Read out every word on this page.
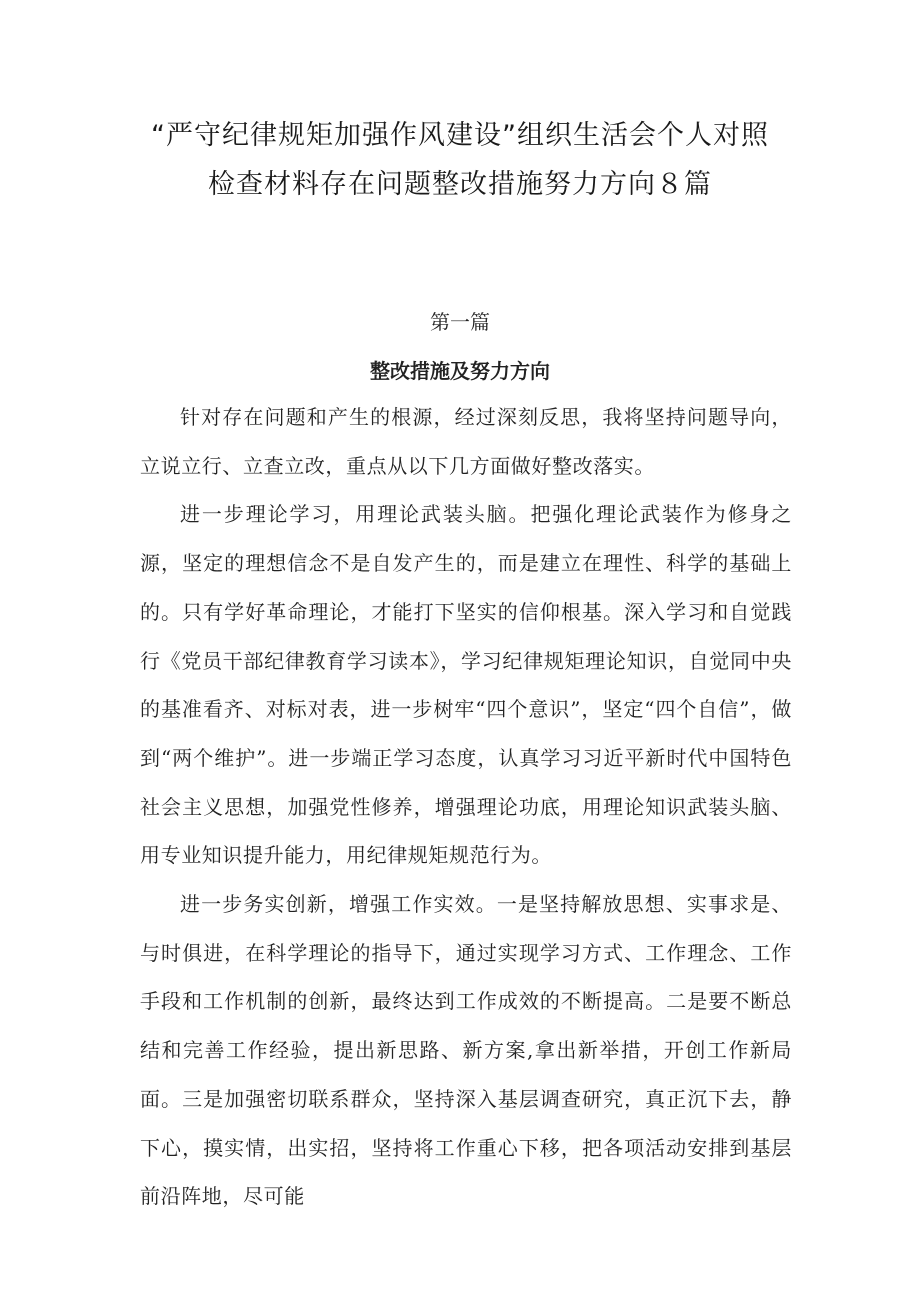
“严守纪律规矩加强作风建设”组织生活会个人对照
检查材料存在问题整改措施努力方向８篇
第一篇
整改措施及努力方向

针对存在问题和产生的根源，经过深刻反思，我将坚持问题导向，立说立行、立查立改，重点从以下几方面做好整改落实。

进一步理论学习，用理论武装头脑。把强化理论武装作为修身之源，坚定的理想信念不是自发产生的，而是建立在理性、科学的基础上的。只有学好革命理论，才能打下坚实的信仰根基。深入学习和自觉践行《党员干部纪律教育学习读本》，学习纪律规矩理论知识，自觉同中央的基准看齐、对标对表，进一步树牢“四个意识”，坚定“四个自信”，做到“两个维护”。进一步端正学习态度，认真学习习近平新时代中国特色社会主义思想，加强党性修养，增强理论功底，用理论知识武装头脑、用专业知识提升能力，用纪律规矩规范行为。

进一步务实创新，增强工作实效。一是坚持解放思想、实事求是、与时俱进，在科学理论的指导下，通过实现学习方式、工作理念、工作手段和工作机制的创新，最终达到工作成效的不断提高。二是要不断总结和完善工作经验，提出新思路、新方案,拿出新举措，开创工作新局面。三是加强密切联系群众，坚持深入基层调查研究，真正沉下去，静下心，摸实情，出实招，坚持将工作重心下移，把各项活动安排到基层前沿阵地，尽可能
